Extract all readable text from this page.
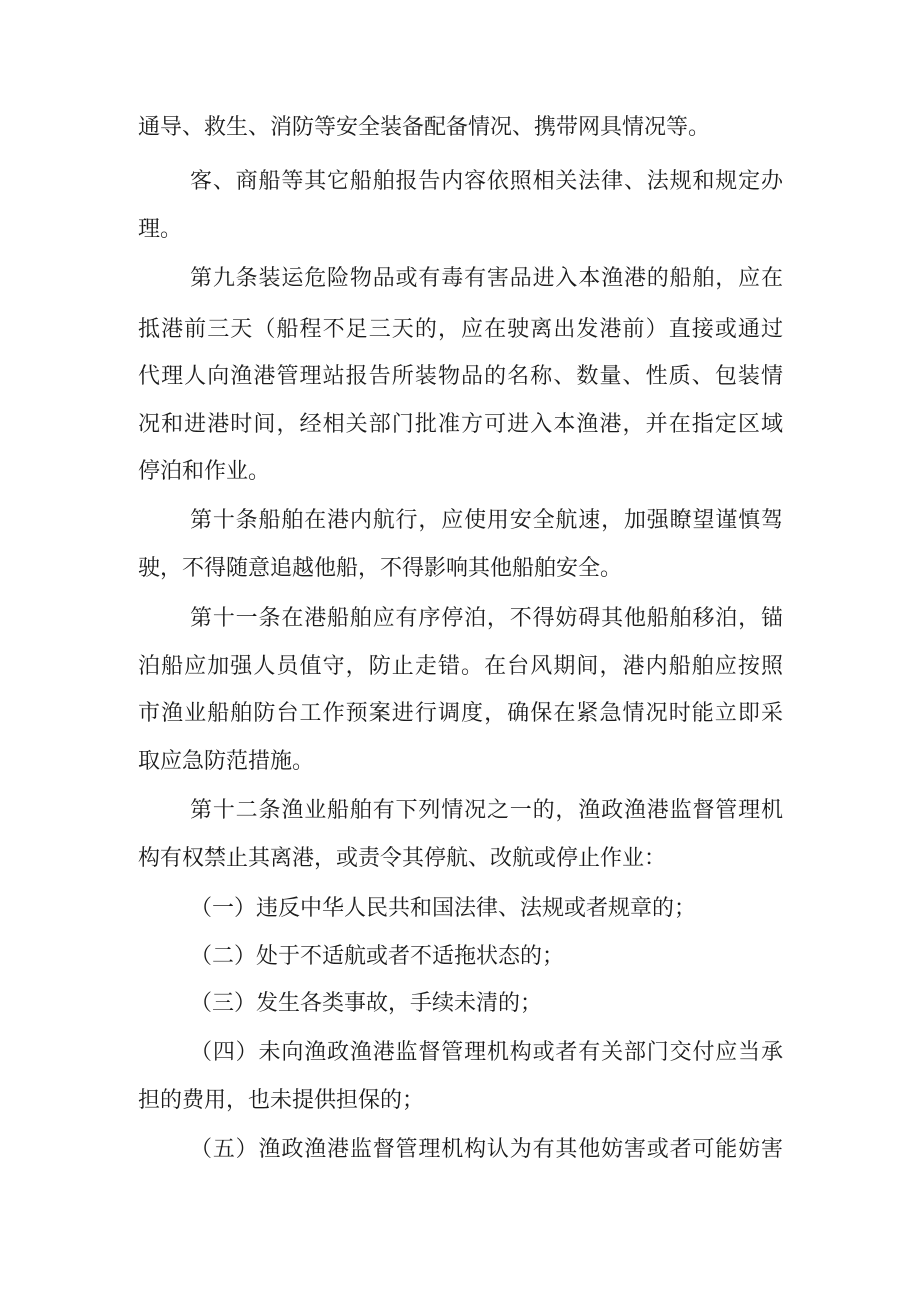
通导、救生、消防等安全装备配备情况、携带网具情况等。
客、商船等其它船舶报告内容依照相关法律、法规和规定办
理。
第九条装运危险物品或有毒有害品进入本渔港的船舶，应在
抵港前三天（船程不足三天的，应在驶离出发港前）直接或通过
代理人向渔港管理站报告所装物品的名称、数量、性质、包装情
况和进港时间，经相关部门批准方可进入本渔港，并在指定区域
停泊和作业。
第十条船舶在港内航行，应使用安全航速，加强瞭望谨慎驾
驶，不得随意追越他船，不得影响其他船舶安全。
第十一条在港船舶应有序停泊，不得妨碍其他船舶移泊，锚
泊船应加强人员值守，防止走错。在台风期间，港内船舶应按照
市渔业船舶防台工作预案进行调度，确保在紧急情况时能立即采
取应急防范措施。
第十二条渔业船舶有下列情况之一的，渔政渔港监督管理机
构有权禁止其离港，或责令其停航、改航或停止作业：
（一）违反中华人民共和国法律、法规或者规章的；
（二）处于不适航或者不适拖状态的；
（三）发生各类事故，手续未清的；
（四）未向渔政渔港监督管理机构或者有关部门交付应当承
担的费用，也未提供担保的；
（五）渔政渔港监督管理机构认为有其他妨害或者可能妨害
